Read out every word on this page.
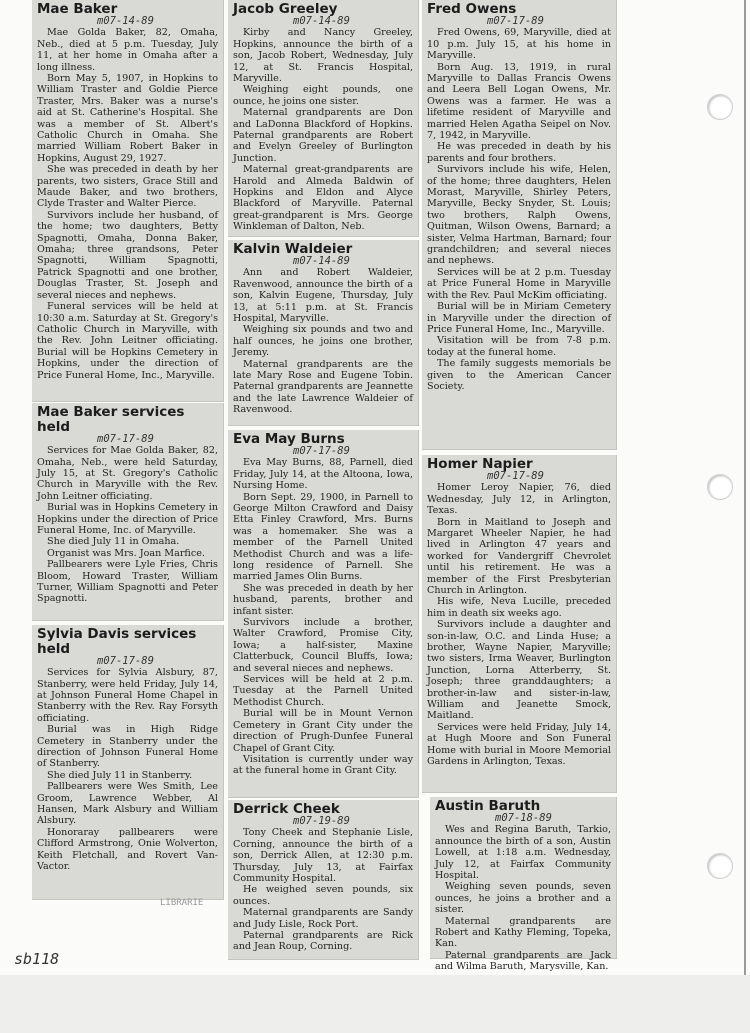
Mae Baker
m07-14-89

Mae Golda Baker, 82, Omaha, Neb., died at 5 p.m. Tuesday, July 11, at her home in Omaha after a long illness.

Born May 5, 1907, in Hopkins to William Traster and Goldie Pierce Traster, Mrs. Baker was a nurse's aid at St. Catherine's Hospital. She was a member of St. Albert's Catholic Church in Omaha. She married William Robert Baker in Hopkins, August 29, 1927.

She was preceded in death by her parents, two sisters, Grace Still and Maude Baker, and two brothers, Clyde Traster and Walter Pierce.

Survivors include her husband, of the home; two daughters, Betty Spagnotti, Omaha, Donna Baker, Omaha; three grandsons, Peter Spagnotti, William Spagnotti, Patrick Spagnotti and one brother, Douglas Traster, St. Joseph and several nieces and nephews.

Funeral services will be held at 10:30 a.m. Saturday at St. Gregory's Catholic Church in Maryville, with the Rev. John Leitner officiating. Burial will be Hopkins Cemetery in Hopkins, under the direction of Price Funeral Home, Inc., Maryville.

Mae Baker services held
m07-17-89

Services for Mae Golda Baker, 82, Omaha, Neb., were held Saturday, July 15, at St. Gregory's Catholic Church in Maryville with the Rev. John Leitner officiating.

Burial was in Hopkins Cemetery in Hopkins under the direction of Price Funeral Home, Inc. of Maryville.

She died July 11 in Omaha.

Organist was Mrs. Joan Marfice.

Pallbearers were Lyle Fries, Chris Bloom, Howard Traster, William Turner, William Spagnotti and Peter Spagnotti.

Sylvia Davis services held
m07-17-89

Services for Sylvia Alsbury, 87, Stanberry, were held Friday, July 14, at Johnson Funeral Home Chapel in Stanberry with the Rev. Ray Forsyth officiating.

Burial was in High Ridge Cemetery in Stanberry under the direction of Johnson Funeral Home of Stanberry.

She died July 11 in Stanberry.

Pallbearers were Wes Smith, Lee Groom, Lawrence Webber, Al Hansen, Mark Alsbury and William Alsbury.

Honoraray pallbearers were Clifford Armstrong, Onie Wolverton, Keith Fletchall, and Rovert Van-Vactor.

Jacob Greeley
m07-14-89

Kirby and Nancy Greeley, Hopkins, announce the birth of a son, Jacob Robert, Wednesday, July 12, at St. Francis Hospital, Maryville.

Weighing eight pounds, one ounce, he joins one sister.

Maternal grandparents are Don and LaDonna Blackford of Hopkins. Paternal grandparents are Robert and Evelyn Greeley of Burlington Junction.

Maternal great-grandparents are Harold and Almeda Baldwin of Hopkins and Eldon and Alyce Blackford of Maryville. Paternal great-grandparent is Mrs. George Winkleman of Dalton, Neb.

Kalvin Waldeier
m07-14-89

Ann and Robert Waldeier, Ravenwood, announce the birth of a son, Kalvin Eugene, Thursday, July 13, at 5:11 p.m. at St. Francis Hospital, Maryville.

Weighing six pounds and two and half ounces, he joins one brother, Jeremy.

Maternal grandparents are the late Mary Rose and Eugene Tobin. Paternal grandparents are Jeannette and the late Lawrence Waldeier of Ravenwood.

Eva May Burns
m07-17-89

Eva May Burns, 88, Parnell, died Friday, July 14, at the Altoona, Iowa, Nursing Home.

Born Sept. 29, 1900, in Parnell to George Milton Crawford and Daisy Etta Finley Crawford, Mrs. Burns was a homemaker. She was a member of the Parnell United Methodist Church and was a life-long residence of Parnell. She married James Olin Burns.

She was preceded in death by her husband, parents, brother and infant sister.

Survivors include a brother, Walter Crawford, Promise City, Iowa; a half-sister, Maxine Clatterbuck, Council Bluffs, Iowa; and several nieces and nephews.

Services will be held at 2 p.m. Tuesday at the Parnell United Methodist Church.

Burial will be in Mount Vernon Cemetery in Grant City under the direction of Prugh-Dunfee Funeral Chapel of Grant City.

Visitation is currently under way at the funeral home in Grant City.

Derrick Cheek
m07-19-89

Tony Cheek and Stephanie Lisle, Corning, announce the birth of a son, Derrick Allen, at 12:30 p.m. Thursday, July 13, at Fairfax Community Hospital.

He weighed seven pounds, six ounces.

Maternal grandparents are Sandy and Judy Lisle, Rock Port.

Paternal grandparents are Rick and Jean Roup, Corning.

Fred Owens
m07-17-89

Fred Owens, 69, Maryville, died at 10 p.m. July 15, at his home in Maryville.

Born Aug. 13, 1919, in rural Maryville to Dallas Francis Owens and Leera Bell Logan Owens, Mr. Owens was a farmer. He was a lifetime resident of Maryville and married Helen Agatha Seipel on Nov. 7, 1942, in Maryville.

He was preceded in death by his parents and four brothers.

Survivors include his wife, Helen, of the home; three daughters, Helen Morast, Maryville, Shirley Peters, Maryville, Becky Snyder, St. Louis; two brothers, Ralph Owens, Quitman, Wilson Owens, Barnard; a sister, Velma Hartman, Barnard; four grandchildren; and several nieces and nephews.

Services will be at 2 p.m. Tuesday at Price Funeral Home in Maryville with the Rev. Paul McKim officiating.

Burial will be in Miriam Cemetery in Maryville under the direction of Price Funeral Home, Inc., Maryville.

Visitation will be from 7-8 p.m. today at the funeral home.

The family suggests memorials be given to the American Cancer Society.

Homer Napier
m07-17-89

Homer Leroy Napier, 76, died Wednesday, July 12, in Arlington, Texas.

Born in Maitland to Joseph and Margaret Wheeler Napier, he had lived in Arlington 47 years and worked for Vandergriff Chevrolet until his retirement. He was a member of the First Presbyterian Church in Arlington.

His wife, Neva Lucille, preceded him in death six weeks ago.

Survivors include a daughter and son-in-law, O.C. and Linda Huse; a brother, Wayne Napier, Maryville; two sisters, Irma Weaver, Burlington Junction, Lorna Atterberry, St. Joseph; three granddaughters; a brother-in-law and sister-in-law, William and Jeanette Smock, Maitland.

Services were held Friday, July 14, at Hugh Moore and Son Funeral Home with burial in Moore Memorial Gardens in Arlington, Texas.

Austin Baruth
m07-18-89

Wes and Regina Baruth, Tarkio, announce the birth of a son, Austin Lowell, at 1:18 a.m. Wednesday, July 12, at Fairfax Community Hospital.

Weighing seven pounds, seven ounces, he joins a brother and a sister.

Maternal grandparents are Robert and Kathy Fleming, Topeka, Kan.

Paternal grandparents are Jack and Wilma Baruth, Marysville, Kan.

LIBRARIE
sb118
